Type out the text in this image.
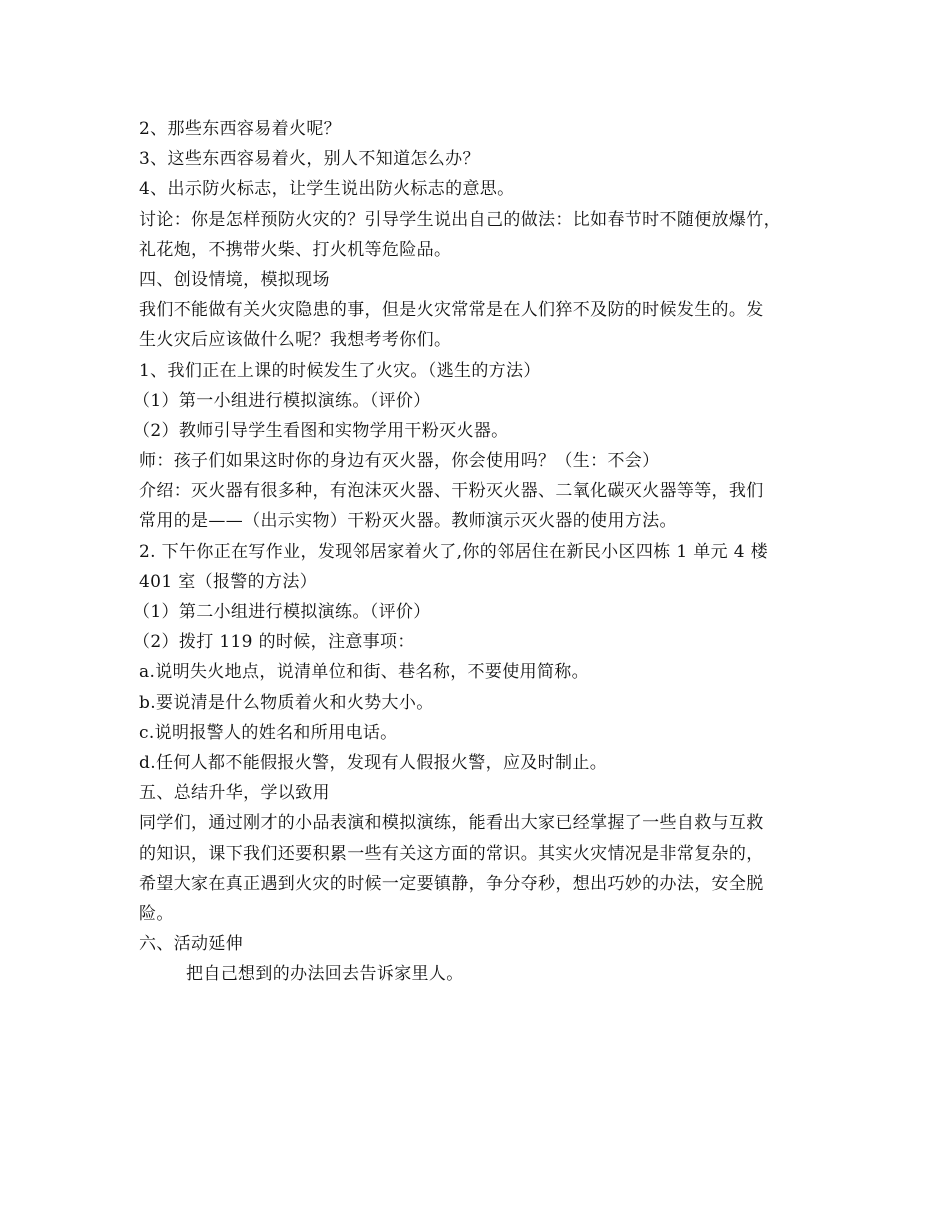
2、那些东西容易着火呢？
3、这些东西容易着火，别人不知道怎么办？
4、出示防火标志，让学生说出防火标志的意思。
讨论：你是怎样预防火灾的？引导学生说出自己的做法：比如春节时不随便放爆竹，
礼花炮，不携带火柴、打火机等危险品。
四、创设情境，模拟现场
我们不能做有关火灾隐患的事，但是火灾常常是在人们猝不及防的时候发生的。发
生火灾后应该做什么呢？我想考考你们。
1、我们正在上课的时候发生了火灾。（逃生的方法）
（1）第一小组进行模拟演练。（评价）
（2）教师引导学生看图和实物学用干粉灭火器。
师：孩子们如果这时你的身边有灭火器，你会使用吗？（生：不会）
介绍：灭火器有很多种，有泡沫灭火器、干粉灭火器、二氧化碳灭火器等等，我们
常用的是——（出示实物）干粉灭火器。教师演示灭火器的使用方法。
2. 下午你正在写作业，发现邻居家着火了,你的邻居住在新民小区四栋 1 单元 4 楼
401 室（报警的方法）
（1）第二小组进行模拟演练。（评价）
（2）拨打 119 的时候，注意事项：
a.说明失火地点，说清单位和街、巷名称，不要使用简称。
b.要说清是什么物质着火和火势大小。
c.说明报警人的姓名和所用电话。
d.任何人都不能假报火警，发现有人假报火警，应及时制止。
五、总结升华，学以致用
同学们，通过刚才的小品表演和模拟演练，能看出大家已经掌握了一些自救与互救
的知识，课下我们还要积累一些有关这方面的常识。其实火灾情况是非常复杂的，
希望大家在真正遇到火灾的时候一定要镇静，争分夺秒，想出巧妙的办法，安全脱
险。
六、活动延伸
把自己想到的办法回去告诉家里人。
